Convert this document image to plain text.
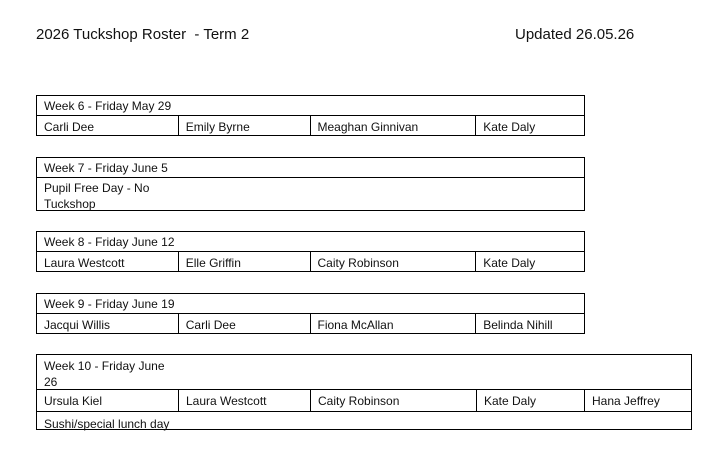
2026 Tuckshop Roster  - Term 2	Updated 26.05.26
Week 6 - Friday May 29
Carli Dee	Emily Byrne	Meaghan Ginnivan	Kate Daly
Week 7 - Friday June 5
Pupil Free Day - No Tuckshop
Week 8 - Friday June 12
Laura Westcott	Elle Griffin	Caity Robinson	Kate Daly
Week 9 - Friday June 19
Jacqui Willis	Carli Dee	Fiona McAllan	Belinda Nihill
Week 10 - Friday June 26
Ursula Kiel	Laura Westcott	Caity Robinson	Kate Daly	Hana Jeffrey
Sushi/special lunch day
